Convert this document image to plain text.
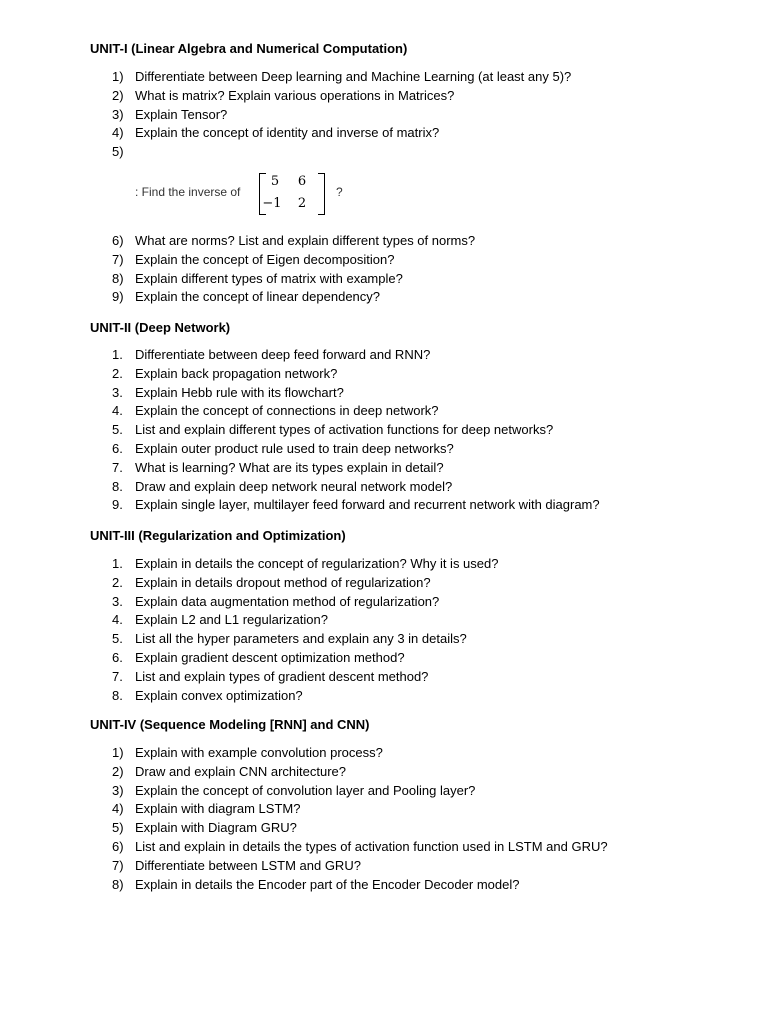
UNIT-I (Linear Algebra and Numerical Computation)
1) Differentiate between Deep learning and Machine Learning (at least any 5)?
2) What is matrix? Explain various operations in Matrices?
3) Explain Tensor?
4) Explain the concept of identity and inverse of matrix?
5)
: Find the inverse of
5	6
−1	2
?
6) What are norms? List and explain different types of norms?
7) Explain the concept of Eigen decomposition?
8) Explain different types of matrix with example?
9) Explain the concept of linear dependency?
UNIT-II (Deep Network)
1. Differentiate between deep feed forward and RNN?
2. Explain back propagation network?
3. Explain Hebb rule with its flowchart?
4. Explain the concept of connections in deep network?
5. List and explain different types of activation functions for deep networks?
6. Explain outer product rule used to train deep networks?
7. What is learning? What are its types explain in detail?
8. Draw and explain deep network neural network model?
9. Explain single layer, multilayer feed forward and recurrent network with diagram?
UNIT-III (Regularization and Optimization)
1. Explain in details the concept of regularization? Why it is used?
2. Explain in details dropout method of regularization?
3. Explain data augmentation method of regularization?
4. Explain L2 and L1 regularization?
5. List all the hyper parameters and explain any 3 in details?
6. Explain gradient descent optimization method?
7. List and explain types of gradient descent method?
8. Explain convex optimization?
UNIT-IV (Sequence Modeling [RNN] and CNN)
1) Explain with example convolution process?
2) Draw and explain CNN architecture?
3) Explain the concept of convolution layer and Pooling layer?
4) Explain with diagram LSTM?
5) Explain with Diagram GRU?
6) List and explain in details the types of activation function used in LSTM and GRU?
7) Differentiate between LSTM and GRU?
8) Explain in details the Encoder part of the Encoder Decoder model?
